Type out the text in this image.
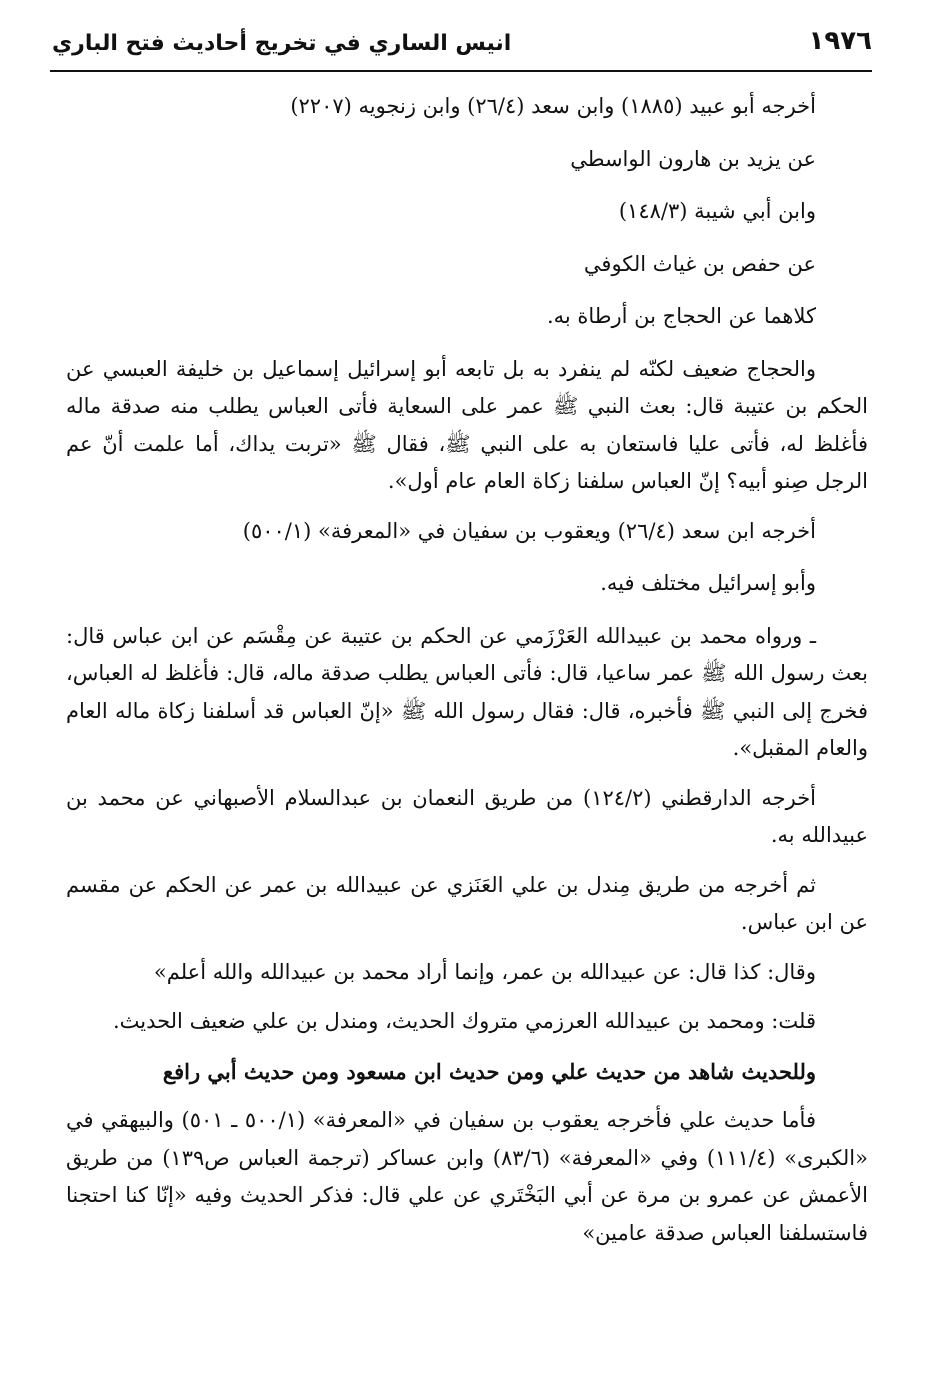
١٩٧٦
انيس الساري في تخريج أحاديث فتح الباري

أخرجه أبو عبيد (١٨٨٥) وابن سعد (٢٦/٤) وابن زنجويه (٢٢٠٧)

عن يزيد بن هارون الواسطي

وابن أبي شيبة (١٤٨/٣)

عن حفص بن غياث الكوفي

كلاهما عن الحجاج بن أرطاة به.

والحجاج ضعيف لكنّه لم ينفرد به بل تابعه أبو إسرائيل إسماعيل بن خليفة العبسي عن الحكم بن عتيبة قال: بعث النبي ﷺ عمر على السعاية فأتى العباس يطلب منه صدقة ماله فأغلظ له، فأتى عليا فاستعان به على النبي ﷺ، فقال ﷺ «تربت يداك، أما علمت أنّ عم الرجل صِنو أبيه؟ إنّ العباس سلفنا زكاة العام عام أول».

أخرجه ابن سعد (٢٦/٤) ويعقوب بن سفيان في «المعرفة» (٥٠٠/١)

وأبو إسرائيل مختلف فيه.

ـ ورواه محمد بن عبيدالله العَرْزَمي عن الحكم بن عتيبة عن مِقْسَم عن ابن عباس قال: بعث رسول الله ﷺ عمر ساعيا، قال: فأتى العباس يطلب صدقة ماله، قال: فأغلظ له العباس، فخرج إلى النبي ﷺ فأخبره، قال: فقال رسول الله ﷺ «إنّ العباس قد أسلفنا زكاة ماله العام والعام المقبل».

أخرجه الدارقطني (١٢٤/٢) من طريق النعمان بن عبدالسلام الأصبهاني عن محمد بن عبيدالله به.

ثم أخرجه من طريق مِندل بن علي العَنَزي عن عبيدالله بن عمر عن الحكم عن مقسم عن ابن عباس.

وقال: كذا قال: عن عبيدالله بن عمر، وإنما أراد محمد بن عبيدالله والله أعلم»

قلت: ومحمد بن عبيدالله العرزمي متروك الحديث، ومندل بن علي ضعيف الحديث.

وللحديث شاهد من حديث علي ومن حديث ابن مسعود ومن حديث أبي رافع

فأما حديث علي فأخرجه يعقوب بن سفيان في «المعرفة» (٥٠٠/١ ـ ٥٠١) والبيهقي في «الكبرى» (١١١/٤) وفي «المعرفة» (٨٣/٦) وابن عساكر (ترجمة العباس ص١٣٩) من طريق الأعمش عن عمرو بن مرة عن أبي البَخْتَري عن علي قال: فذكر الحديث وفيه «إنّا كنا احتجنا فاستسلفنا العباس صدقة عامين»
